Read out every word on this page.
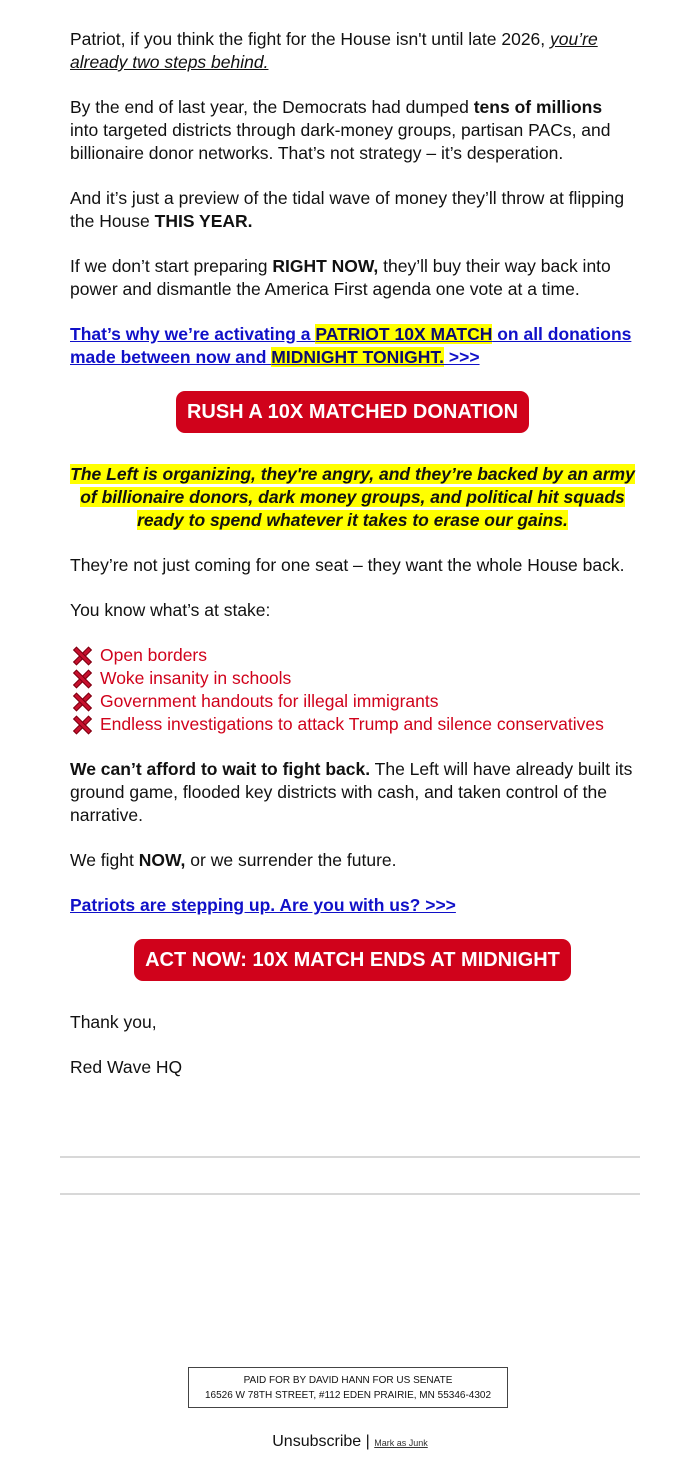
Patriot, if you think the fight for the House isn't until late 2026, you’re already two steps behind.

By the end of last year, the Democrats had dumped tens of millions into targeted districts through dark-money groups, partisan PACs, and billionaire donor networks. That’s not strategy – it’s desperation.

And it’s just a preview of the tidal wave of money they’ll throw at flipping the House THIS YEAR.

If we don’t start preparing RIGHT NOW, they’ll buy their way back into power and dismantle the America First agenda one vote at a time.

That’s why we’re activating a PATRIOT 10X MATCH on all donations made between now and MIDNIGHT TONIGHT. >>>

RUSH A 10X MATCHED DONATION

The Left is organizing, they're angry, and they’re backed by an army of billionaire donors, dark money groups, and political hit squads ready to spend whatever it takes to erase our gains.

They’re not just coming for one seat – they want the whole House back.

You know what’s at stake:

Open borders
Woke insanity in schools
Government handouts for illegal immigrants
Endless investigations to attack Trump and silence conservatives

We can’t afford to wait to fight back. The Left will have already built its ground game, flooded key districts with cash, and taken control of the narrative.

We fight NOW, or we surrender the future.

Patriots are stepping up. Are you with us? >>>

ACT NOW: 10X MATCH ENDS AT MIDNIGHT

Thank you,

Red Wave HQ

PAID FOR BY DAVID HANN FOR US SENATE
16526 W 78TH STREET, #112 EDEN PRAIRIE, MN 55346-4302
Unsubscribe | Mark as Junk
